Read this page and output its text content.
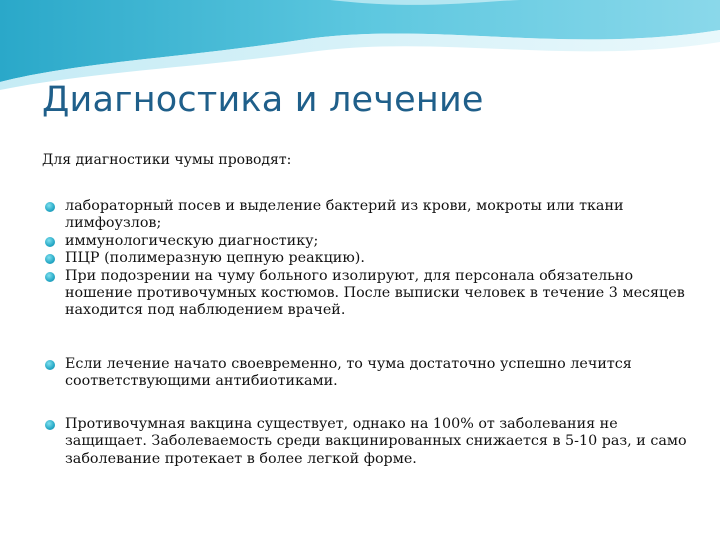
Диагностика и лечение
Для диагностики чумы проводят:
лабораторный посев и выделение бактерий из крови, мокроты или ткани лимфоузлов;
иммунологическую диагностику;
ПЦР (полимеразную цепную реакцию).
При подозрении на чуму больного изолируют, для персонала обязательно ношение противочумных костюмов. После выписки человек в течение 3 месяцев находится под наблюдением врачей.
Если лечение начато своевременно, то чума достаточно успешно лечится соответствующими антибиотиками.
Противочумная вакцина существует, однако на 100% от заболевания не защищает. Заболеваемость среди вакцинированных снижается в 5-10 раз, и само заболевание протекает в более легкой форме.
